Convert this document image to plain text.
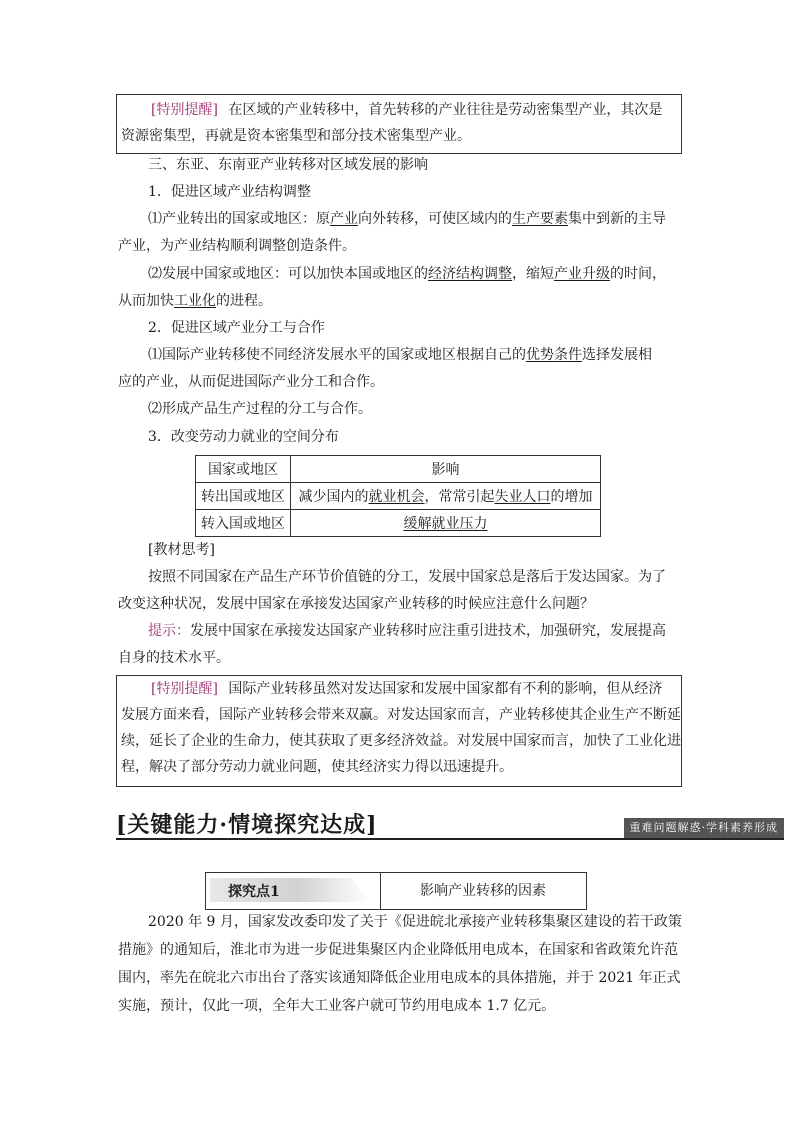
[特别提醒] 在区域的产业转移中，首先转移的产业往往是劳动密集型产业，其次是
资源密集型，再就是资本密集型和部分技术密集型产业。
三、东亚、东南亚产业转移对区域发展的影响
1．促进区域产业结构调整
⑴产业转出的国家或地区：原产业向外转移，可使区域内的生产要素集中到新的主导
产业，为产业结构顺利调整创造条件。
⑵发展中国家或地区：可以加快本国或地区的经济结构调整，缩短产业升级的时间，
从而加快工业化的进程。
2．促进区域产业分工与合作
⑴国际产业转移使不同经济发展水平的国家或地区根据自己的优势条件选择发展相
应的产业，从而促进国际产业分工和合作。
⑵形成产品生产过程的分工与合作。
3．改变劳动力就业的空间分布
国家或地区	影响
转出国或地区	减少国内的就业机会，常常引起失业人口的增加
转入国或地区	缓解就业压力
[教材思考]
按照不同国家在产品生产环节价值链的分工，发展中国家总是落后于发达国家。为了
改变这种状况，发展中国家在承接发达国家产业转移的时候应注意什么问题？
提示：发展中国家在承接发达国家产业转移时应注重引进技术，加强研究，发展提高
自身的技术水平。
[特别提醒] 国际产业转移虽然对发达国家和发展中国家都有不利的影响，但从经济
发展方面来看，国际产业转移会带来双赢。对发达国家而言，产业转移使其企业生产不断延
续，延长了企业的生命力，使其获取了更多经济效益。对发展中国家而言，加快了工业化进
程，解决了部分劳动力就业问题，使其经济实力得以迅速提升。
[关键能力·情境探究达成]	重难问题解惑·学科素养形成
探究点1	影响产业转移的因素
2020 年 9 月，国家发改委印发了关于《促进皖北承接产业转移集聚区建设的若干政策
措施》的通知后，淮北市为进一步促进集聚区内企业降低用电成本，在国家和省政策允许范
围内，率先在皖北六市出台了落实该通知降低企业用电成本的具体措施，并于 2021 年正式
实施，预计，仅此一项，全年大工业客户就可节约用电成本 1.7 亿元。
